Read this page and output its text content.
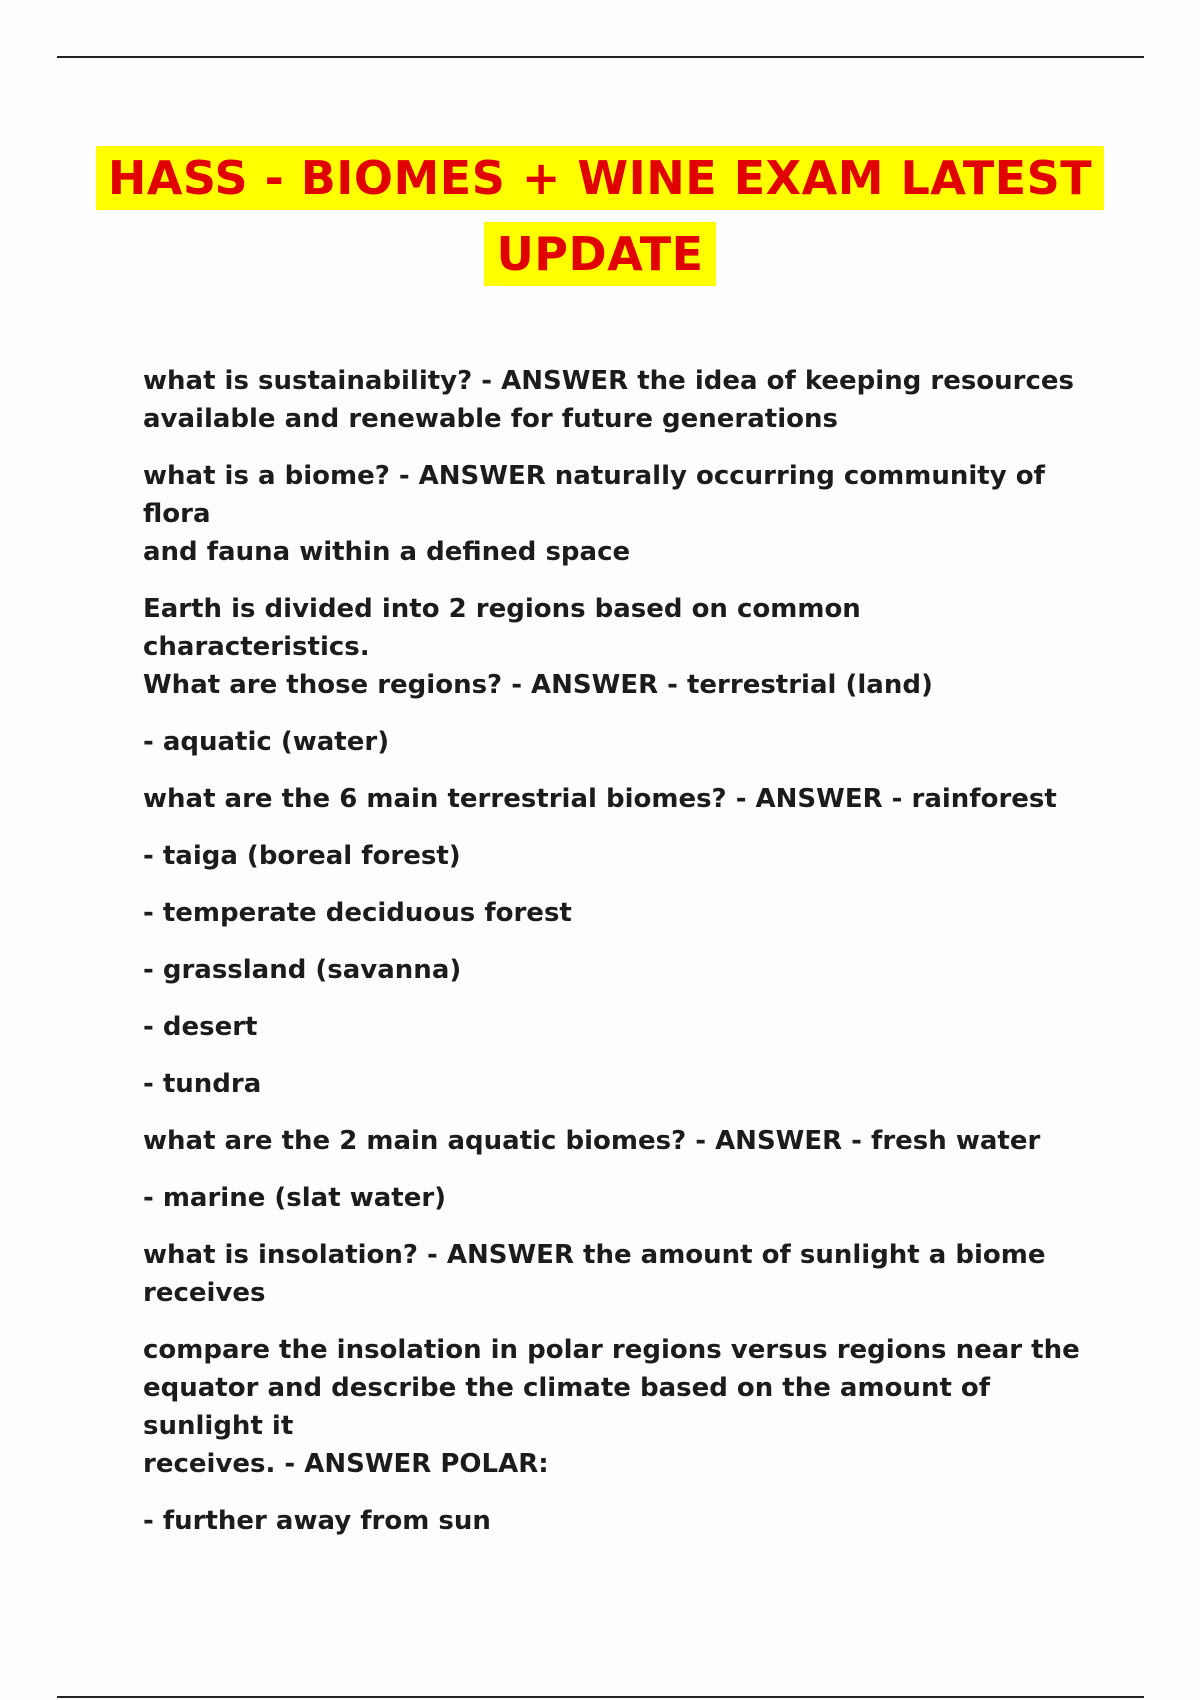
HASS - BIOMES + WINE EXAM LATEST
UPDATE

what is sustainability? - ANSWER the idea of keeping resources
available and renewable for future generations

what is a biome? - ANSWER naturally occurring community of flora
and fauna within a defined space

Earth is divided into 2 regions based on common characteristics.
What are those regions? - ANSWER - terrestrial (land)

- aquatic (water)

what are the 6 main terrestrial biomes? - ANSWER - rainforest

- taiga (boreal forest)

- temperate deciduous forest

- grassland (savanna)

- desert

- tundra

what are the 2 main aquatic biomes? - ANSWER - fresh water

- marine (slat water)

what is insolation? - ANSWER the amount of sunlight a biome
receives

compare the insolation in polar regions versus regions near the
equator and describe the climate based on the amount of sunlight it
receives. - ANSWER POLAR:

- further away from sun
